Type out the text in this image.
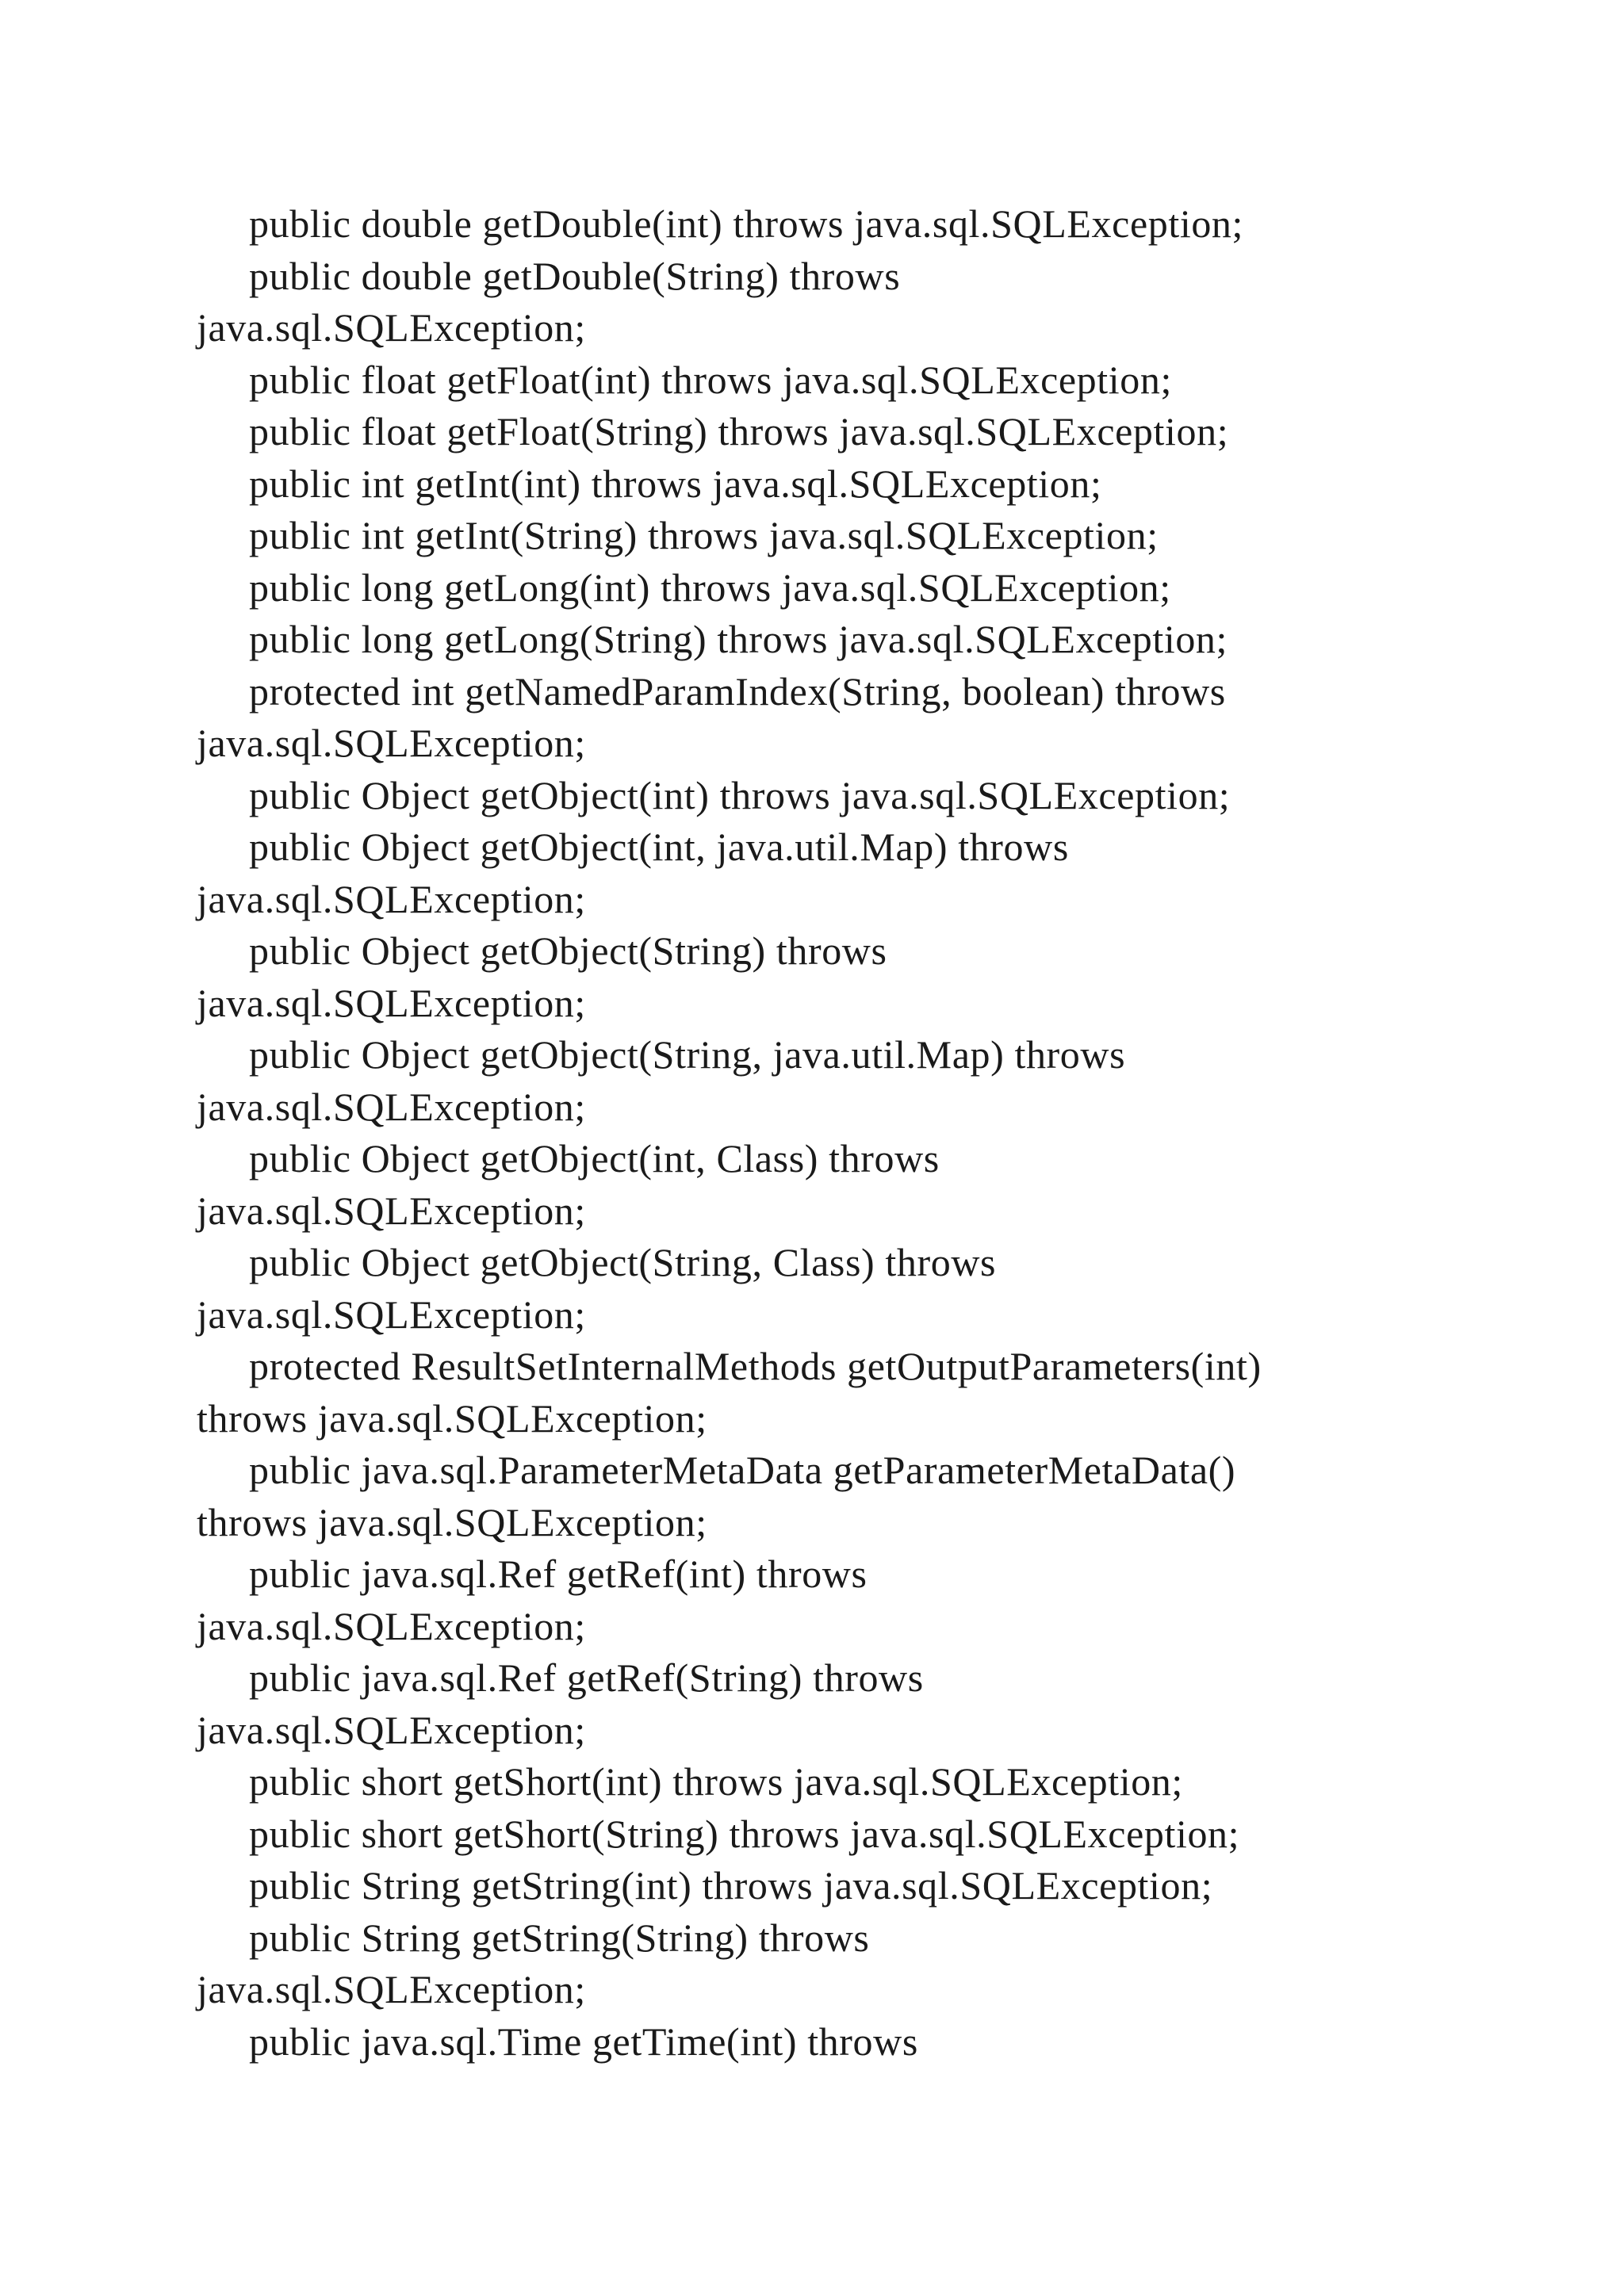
public double getDouble(int) throws java.sql.SQLException;
public double getDouble(String) throws
java.sql.SQLException;
public float getFloat(int) throws java.sql.SQLException;
public float getFloat(String) throws java.sql.SQLException;
public int getInt(int) throws java.sql.SQLException;
public int getInt(String) throws java.sql.SQLException;
public long getLong(int) throws java.sql.SQLException;
public long getLong(String) throws java.sql.SQLException;
protected int getNamedParamIndex(String, boolean) throws
java.sql.SQLException;
public Object getObject(int) throws java.sql.SQLException;
public Object getObject(int, java.util.Map) throws
java.sql.SQLException;
public Object getObject(String) throws
java.sql.SQLException;
public Object getObject(String, java.util.Map) throws
java.sql.SQLException;
public Object getObject(int, Class) throws
java.sql.SQLException;
public Object getObject(String, Class) throws
java.sql.SQLException;
protected ResultSetInternalMethods getOutputParameters(int)
throws java.sql.SQLException;
public java.sql.ParameterMetaData getParameterMetaData()
throws java.sql.SQLException;
public java.sql.Ref getRef(int) throws
java.sql.SQLException;
public java.sql.Ref getRef(String) throws
java.sql.SQLException;
public short getShort(int) throws java.sql.SQLException;
public short getShort(String) throws java.sql.SQLException;
public String getString(int) throws java.sql.SQLException;
public String getString(String) throws
java.sql.SQLException;
public java.sql.Time getTime(int) throws
